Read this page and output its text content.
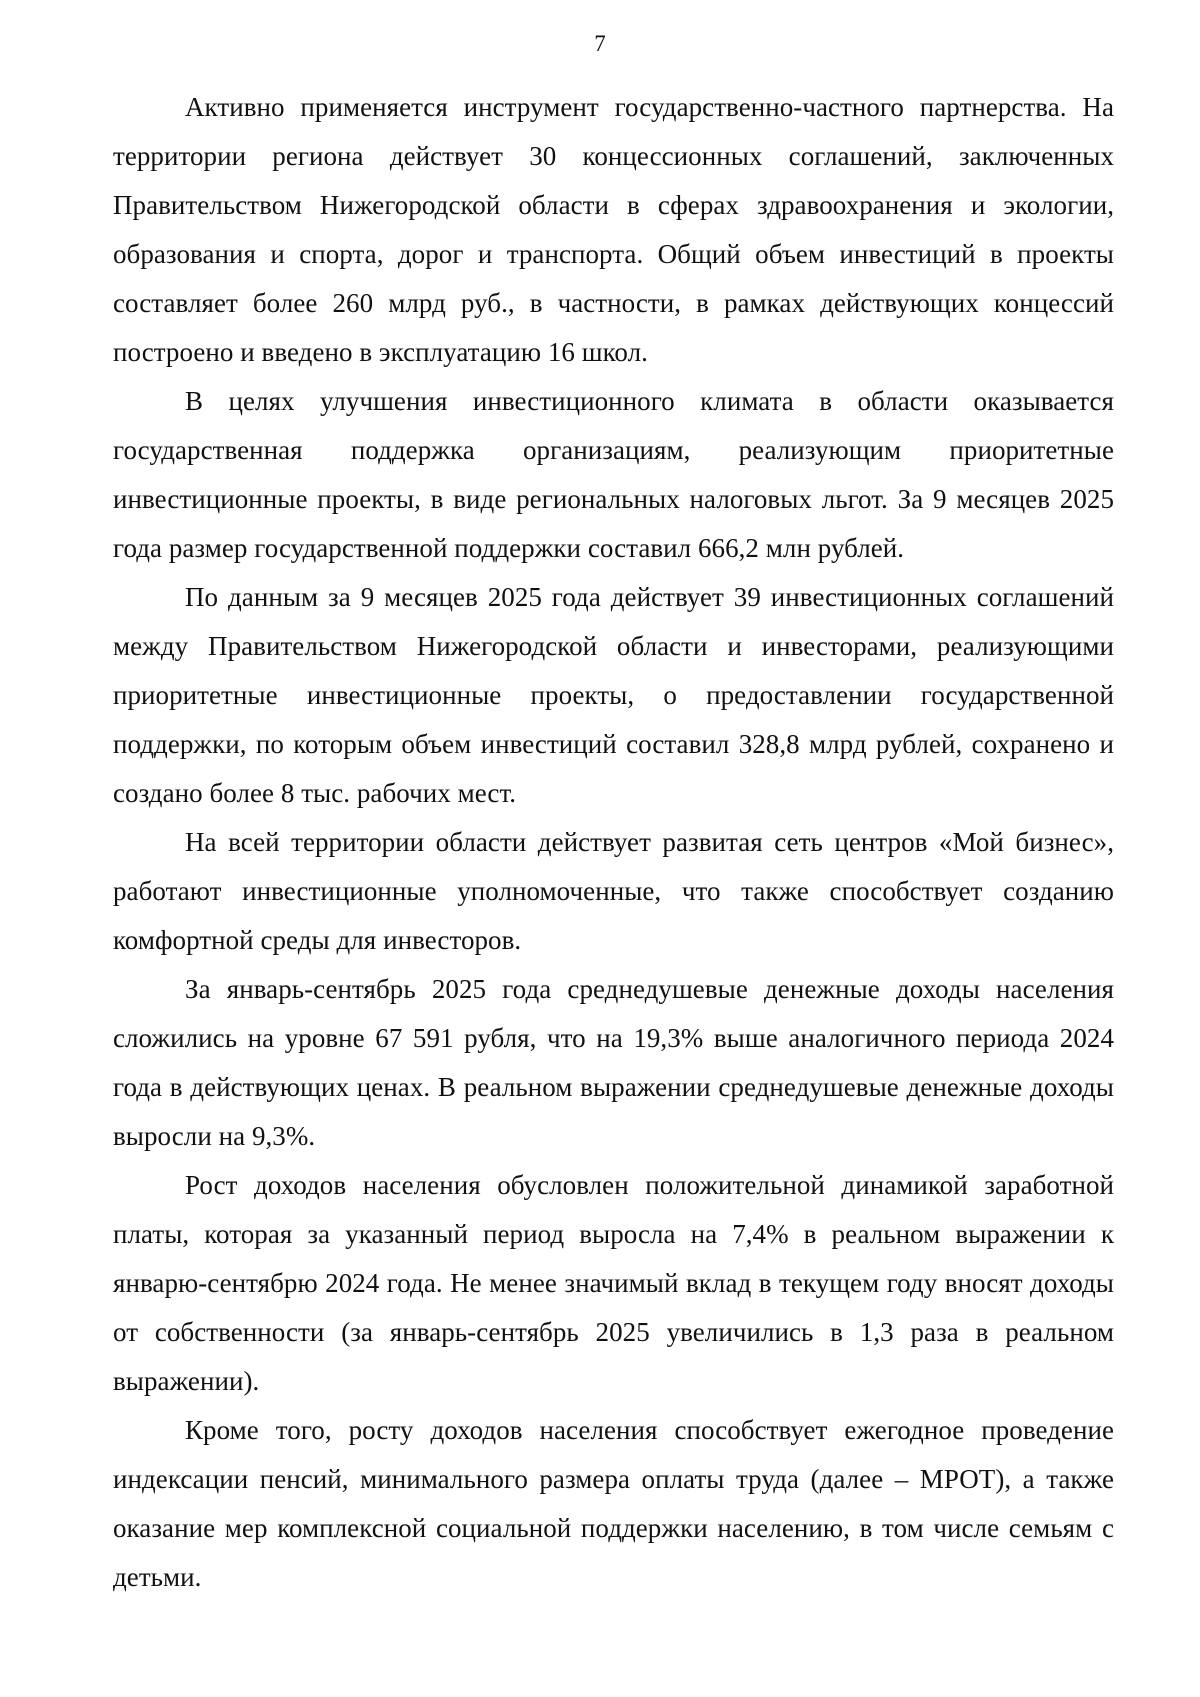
7

Активно применяется инструмент государственно-частного партнерства. На территории региона действует 30 концессионных соглашений, заключенных Правительством Нижегородской области в сферах здравоохранения и экологии, образования и спорта, дорог и транспорта. Общий объем инвестиций в проекты составляет более 260 млрд руб., в частности, в рамках действующих концессий построено и введено в эксплуатацию 16 школ.

В целях улучшения инвестиционного климата в области оказывается государственная поддержка организациям, реализующим приоритетные инвестиционные проекты, в виде региональных налоговых льгот. За 9 месяцев 2025 года размер государственной поддержки составил 666,2 млн рублей.

По данным за 9 месяцев 2025 года действует 39 инвестиционных соглашений между Правительством Нижегородской области и инвесторами, реализующими приоритетные инвестиционные проекты, о предоставлении государственной поддержки, по которым объем инвестиций составил 328,8 млрд рублей, сохранено и создано более 8 тыс. рабочих мест.

На всей территории области действует развитая сеть центров «Мой бизнес», работают инвестиционные уполномоченные, что также способствует созданию комфортной среды для инвесторов.

За январь-сентябрь 2025 года среднедушевые денежные доходы населения сложились на уровне 67 591 рубля, что на 19,3% выше аналогичного периода 2024 года в действующих ценах. В реальном выражении среднедушевые денежные доходы выросли на 9,3%.

Рост доходов населения обусловлен положительной динамикой заработной платы, которая за указанный период выросла на 7,4% в реальном выражении к январю-сентябрю 2024 года. Не менее значимый вклад в текущем году вносят доходы от собственности (за январь-сентябрь 2025 увеличились в 1,3 раза в реальном выражении).

Кроме того, росту доходов населения способствует ежегодное проведение индексации пенсий, минимального размера оплаты труда (далее – МРОТ), а также оказание мер комплексной социальной поддержки населению, в том числе семьям с детьми.
